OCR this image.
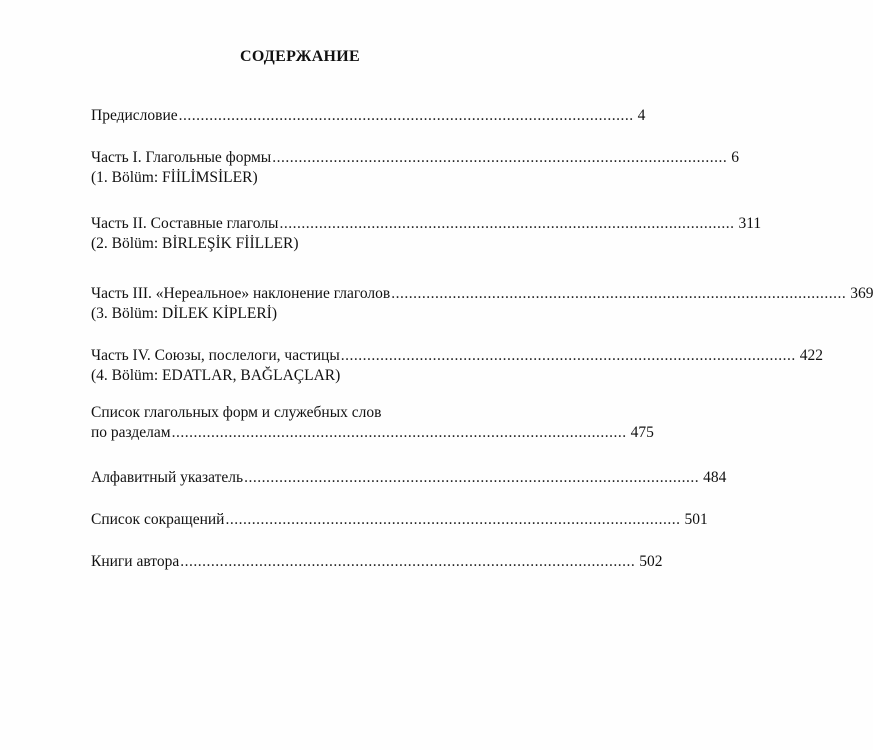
СОДЕРЖАНИЕ
Предисловие ........................................................................................................ 4
Часть I. Глагольные формы ........................................................................................................ 6
(1. Bölüm: FİİLİMSİLER)
Часть II. Составные глаголы ........................................................................................................ 311
(2. Bölüm: BİRLEŞİK FİİLLER)
Часть III. «Нереальное» наклонение глаголов ........................................................................................................ 369
(3. Bölüm: DİLEK KİPLERİ)
Часть IV. Союзы, послелоги, частицы ........................................................................................................ 422
(4. Bölüm: EDATLAR, BAĞLAÇLAR)
Список глагольных форм и служебных слов
по разделам ........................................................................................................ 475
Алфавитный указатель ........................................................................................................ 484
Список сокращений ........................................................................................................ 501
Книги автора ........................................................................................................ 502
